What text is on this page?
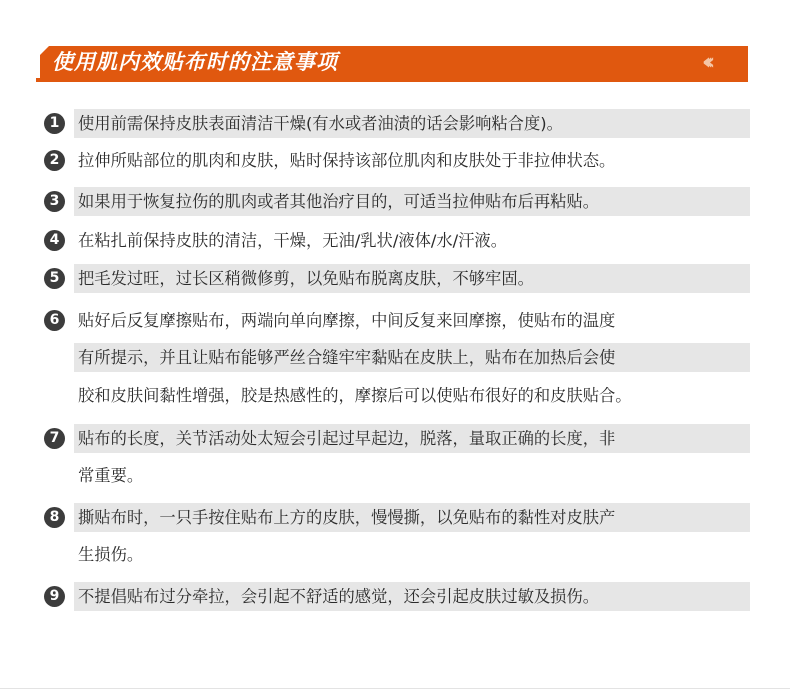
使用肌内效贴布时的注意事项	‹‹‹
1	使用前需保持皮肤表面清洁干燥(有水或者油渍的话会影响粘合度)。
2	拉伸所贴部位的肌肉和皮肤，贴时保持该部位肌肉和皮肤处于非拉伸状态。
3	如果用于恢复拉伤的肌肉或者其他治疗目的，可适当拉伸贴布后再粘贴。
4	在粘扎前保持皮肤的清洁，干燥，无油/乳状/液体/水/汗液。
5	把毛发过旺，过长区稍微修剪，以免贴布脱离皮肤，不够牢固。
6	贴好后反复摩擦贴布，两端向单向摩擦，中间反复来回摩擦，使贴布的温度
有所提示，并且让贴布能够严丝合缝牢牢黏贴在皮肤上，贴布在加热后会使
胶和皮肤间黏性增强，胶是热感性的，摩擦后可以使贴布很好的和皮肤贴合。
7	贴布的长度，关节活动处太短会引起过早起边，脱落，量取正确的长度，非
常重要。
8	撕贴布时，一只手按住贴布上方的皮肤，慢慢撕，以免贴布的黏性对皮肤产
生损伤。
9	不提倡贴布过分牵拉，会引起不舒适的感觉，还会引起皮肤过敏及损伤。
